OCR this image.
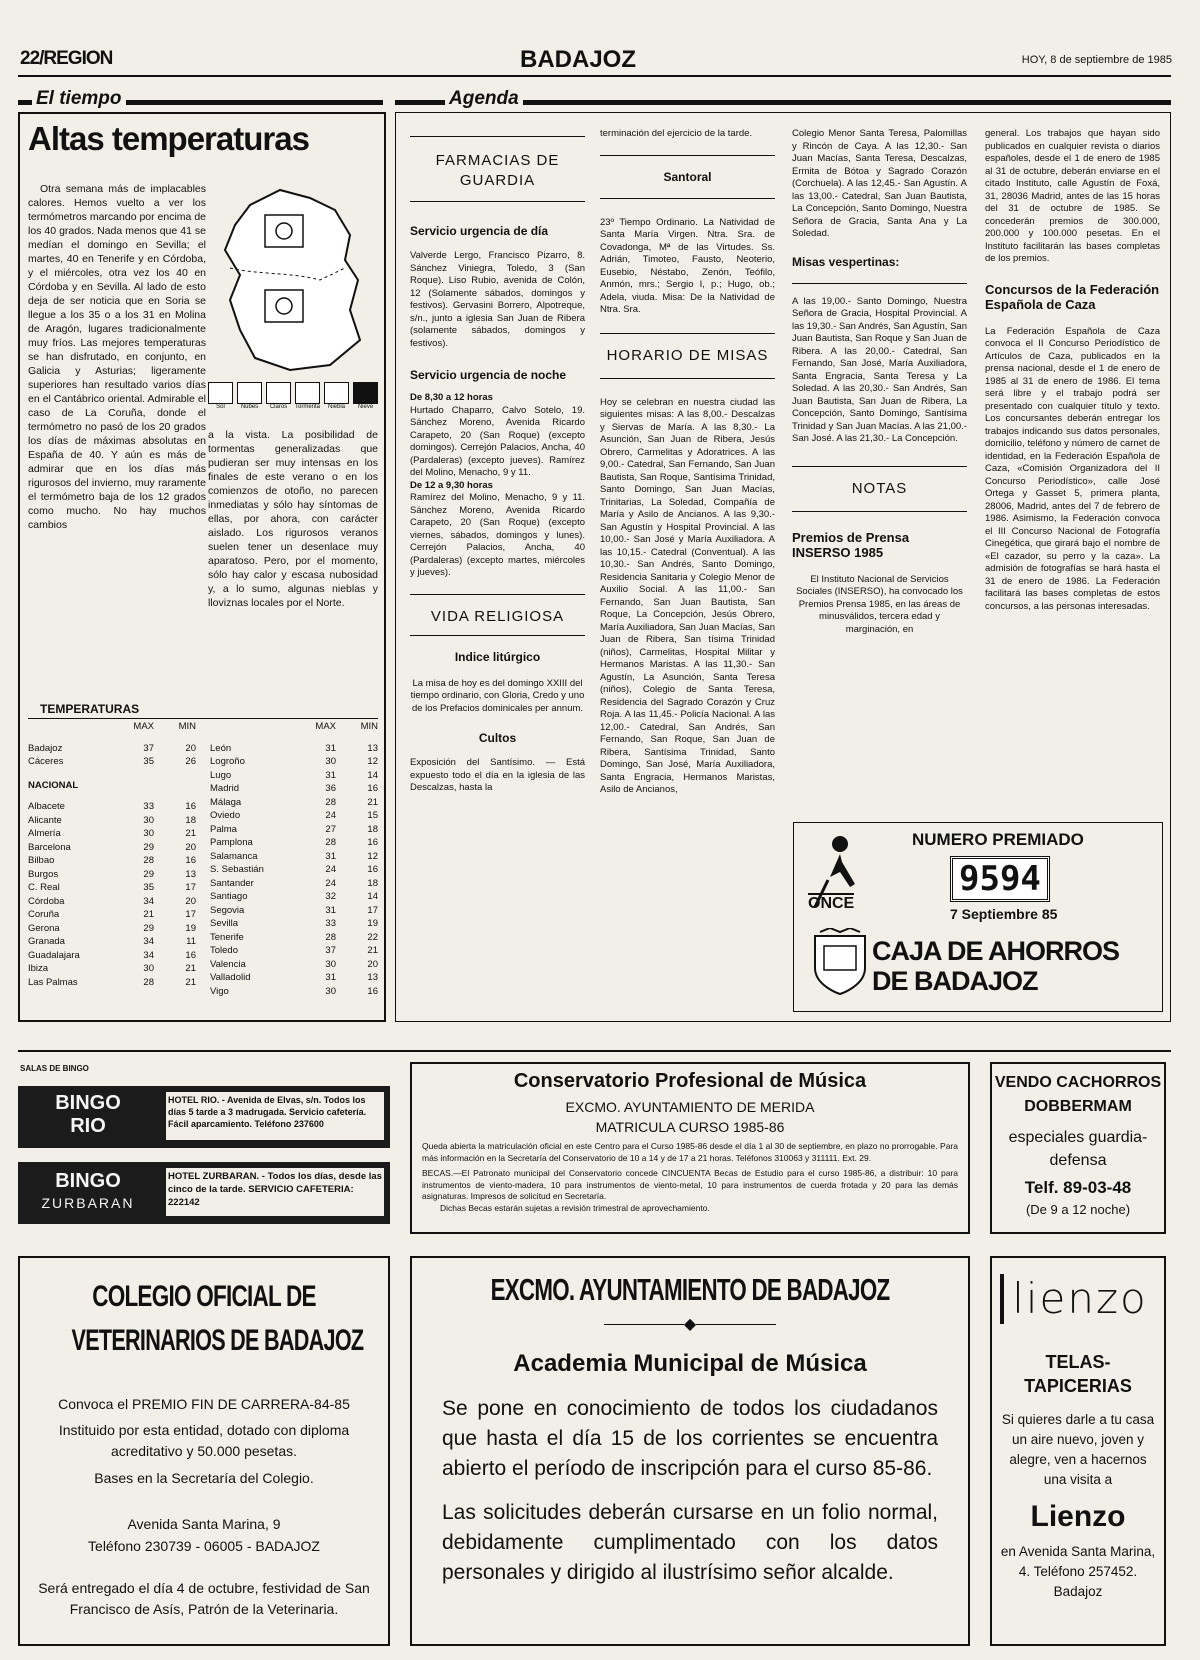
22/REGION	BADAJOZ	HOY, 8 de septiembre de 1985
El tiempo
Altas temperaturas

Otra semana más de implacables calores. Hemos vuelto a ver los termómetros marcando por encima de los 40 grados. Nada menos que 41 se medían el domingo en Sevilla; el martes, 40 en Tenerife y en Córdoba, y el miércoles, otra vez los 40 en Córdoba y en Sevilla. Al lado de esto deja de ser noticia que en Soria se llegue a los 35 o a los 31 en Molina de Aragón, lugares tradicionalmente muy fríos. Las mejores temperaturas se han disfrutado, en conjunto, en Galicia y Asturias; ligeramente superiores han resultado varios días en el Cantábrico oriental. Admirable el caso de La Coruña, donde el termómetro no pasó de los 20 grados los días de máximas absolutas en España de 40. Y aún es más de admirar que en los días más rigurosos del invierno, muy raramente el termómetro baja de los 12 grados como mucho. No hay muchos cambios

Sol	Nubes	Claros	Tormenta	Niebla	Nieve
a la vista. La posibilidad de tormentas generalizadas que pudieran ser muy intensas en los finales de este verano o en los comienzos de otoño, no parecen inmediatas y sólo hay síntomas de ellas, por ahora, con carácter aislado. Los rigurosos veranos suelen tener un desenlace muy aparatoso. Pero, por el momento, sólo hay calor y escasa nubosidad y, a lo sumo, algunas nieblas y lloviznas locales por el Norte.
TEMPERATURAS
	MAX	MIN

Badajoz	37	20
Cáceres	35	26

NACIONAL		

Albacete	33	16
Alicante	30	18
Almería	30	21
Barcelona	29	20
Bilbao	28	16
Burgos	29	13
C. Real	35	17
Córdoba	34	20
Coruña	21	17
Gerona	29	19
Granada	34	11
Guadalajara	34	16
Ibiza	30	21
Las Palmas	28	21
	MAX	MIN

León	31	13
Logroño	30	12
Lugo	31	14
Madrid	36	16
Málaga	28	21
Oviedo	24	15
Palma	27	18
Pamplona	28	16
Salamanca	31	12
S. Sebastián	24	16
Santander	24	18
Santiago	32	14
Segovia	31	17
Sevilla	33	19
Tenerife	28	22
Toledo	37	21
Valencia	30	20
Valladolid	31	13
Vigo	30	16
Agenda
FARMACIAS DE GUARDIA
Servicio urgencia de día
Valverde Lergo, Francisco Pizarro, 8. Sánchez Viniegra, Toledo, 3 (San Roque). Liso Rubio, avenida de Colón, 12 (Solamente sábados, domingos y festivos). Gervasini Borrero, Alpotreque, s/n., junto a iglesia San Juan de Ribera (solamente sábados, domingos y festivos).
Servicio urgencia de noche
De 8,30 a 12 horas
Hurtado Chaparro, Calvo Sotelo, 19. Sánchez Moreno, Avenida Ricardo Carapeto, 20 (San Roque) (excepto domingos). Cerrejón Palacios, Ancha, 40 (Pardaleras) (excepto jueves). Ramírez del Molino, Menacho, 9 y 11.
De 12 a 9,30 horas
Ramírez del Molino, Menacho, 9 y 11. Sánchez Moreno, Avenida Ricardo Carapeto, 20 (San Roque) (excepto viernes, sábados, domingos y lunes). Cerrejón Palacios, Ancha, 40 (Pardaleras) (excepto martes, miércoles y jueves).
VIDA RELIGIOSA
Indice litúrgico
La misa de hoy es del domingo XXIII del tiempo ordinario, con Gloria, Credo y uno de los Prefacios dominicales per annum.
Cultos
Exposición del Santísimo. — Está expuesto todo el día en la iglesia de las Descalzas, hasta la
terminación del ejercicio de la tarde.
Santoral
23º Tiempo Ordinario. La Natividad de Santa María Virgen. Ntra. Sra. de Covadonga, Mª de las Virtudes. Ss. Adrián, Timoteo, Fausto, Neoterio, Eusebio, Néstabo, Zenón, Teófilo, Anmón, mrs.; Sergio I, p.; Hugo, ob.; Adela, viuda. Misa: De la Natividad de Ntra. Sra.
HORARIO DE MISAS
Hoy se celebran en nuestra ciudad las siguientes misas: A las 8,00.- Descalzas y Siervas de María. A las 8,30.- La Asunción, San Juan de Ribera, Jesús Obrero, Carmelitas y Adoratrices. A las 9,00.- Catedral, San Fernando, San Juan Bautista, San Roque, Santísima Trinidad, Santo Domingo, San Juan Macías, Trinitarias, La Soledad, Compañía de María y Asilo de Ancianos. A las 9,30.- San Agustín y Hospital Provincial. A las 10,00.- San José y María Auxiliadora. A las 10,15.- Catedral (Conventual). A las 10,30.- San Andrés, Santo Domingo, Residencia Sanitaria y Colegio Menor de Auxilio Social. A las 11,00.- San Fernando, San Juan Bautista, San Roque, La Concepción, Jesús Obrero, María Auxiliadora, San Juan Macías, San Juan de Ribera, San tísima Trinidad (niños), Carmelitas, Hospital Militar y Hermanos Maristas. A las 11,30.- San Agustín, La Asunción, Santa Teresa (niños), Colegio de Santa Teresa, Residencia del Sagrado Corazón y Cruz Roja. A las 11,45.- Policía Nacional. A las 12,00.- Catedral, San Andrés, San Fernando, San Roque, San Juan de Ribera, Santísima Trinidad, Santo Domingo, San José, María Auxiliadora, Santa Engracia, Hermanos Maristas, Asilo de Ancianos,
Colegio Menor Santa Teresa, Palomillas y Rincón de Caya. A las 12,30.- San Juan Macías, Santa Teresa, Descalzas, Ermita de Bótoa y Sagrado Corazón (Corchuela). A las 12,45.- San Agustín. A las 13,00.- Catedral, San Juan Bautista, La Concepción, Santo Domingo, Nuestra Señora de Gracia, Santa Ana y La Soledad.
Misas vespertinas:
A las 19,00.- Santo Domingo, Nuestra Señora de Gracia, Hospital Provincial. A las 19,30.- San Andrés, San Agustín, San Juan Bautista, San Roque y San Juan de Ribera. A las 20,00.- Catedral, San Fernando, San José, María Auxiliadora, Santa Engracia, Santa Teresa y La Soledad. A las 20,30.- San Andrés, San Juan Bautista, San Juan de Ribera, La Concepción, Santo Domingo, Santísima Trinidad y San Juan Macías. A las 21,00.- San José. A las 21,30.- La Concepción.
NOTAS
Premios de Prensa INSERSO 1985
El Instituto Nacional de Servicios Sociales (INSERSO), ha convocado los Premios Prensa 1985, en las áreas de minusválidos, tercera edad y marginación, en
general. Los trabajos que hayan sido publicados en cualquier revista o diarios españoles, desde el 1 de enero de 1985 al 31 de octubre, deberán enviarse en el citado Instituto, calle Agustín de Foxá, 31, 28036 Madrid, antes de las 15 horas del 31 de octubre de 1985. Se concederán premios de 300.000, 200.000 y 100.000 pesetas. En el Instituto facilitarán las bases completas de los premios.
Concursos de la Federación Española de Caza
La Federación Española de Caza convoca el II Concurso Periodístico de Artículos de Caza, publicados en la prensa nacional, desde el 1 de enero de 1985 al 31 de enero de 1986. El tema será libre y el trabajo podrá ser presentado con cualquier título y texto. Los concursantes deberán entregar los trabajos indicando sus datos personales, domicilio, teléfono y número de carnet de identidad, en la Federación Española de Caza, «Comisión Organizadora del II Concurso Periodístico», calle José Ortega y Gasset 5, primera planta, 28006, Madrid, antes del 7 de febrero de 1986. Asimismo, la Federación convoca el III Concurso Nacional de Fotografía Cinegética, que girará bajo el nombre de «El cazador, su perro y la caza». La admisión de fotografías se hará hasta el 31 de enero de 1986. La Federación facilitará las bases completas de estos concursos, a las personas interesadas.
ONCE
NUMERO PREMIADO
9594
7 Septiembre 85
CAJA DE AHORROS
DE BADAJOZ
SALAS DE BINGO
BINGO
RIO
HOTEL RIO. - Avenida de Elvas, s/n. Todos los días 5 tarde a 3 madrugada. Servicio cafetería. Fácil aparcamiento. Teléfono 237600
BINGO
ZURBARAN
HOTEL ZURBARAN. - Todos los días, desde las cinco de la tarde. SERVICIO CAFETERIA: 222142
Conservatorio Profesional de Música
EXCMO. AYUNTAMIENTO DE MERIDA
MATRICULA CURSO 1985-86
Queda abierta la matriculación oficial en este Centro para el Curso 1985-86 desde el día 1 al 30 de septiembre, en plazo no prorrogable. Para más información en la Secretaría del Conservatorio de 10 a 14 y de 17 a 21 horas. Teléfonos 310063 y 311111. Ext. 29.
BECAS.—El Patronato municipal del Conservatorio concede CINCUENTA Becas de Estudio para el curso 1985-86, a distribuir: 10 para instrumentos de viento-madera, 10 para instrumentos de viento-metal, 10 para instrumentos de cuerda frotada y 20 para las demás asignaturas. Impresos de solicitud en Secretaría.
Dichas Becas estarán sujetas a revisión trimestral de aprovechamiento.
VENDO CACHORROS
DOBBERMAM
especiales guardia-defensa
Telf. 89-03-48
(De 9 a 12 noche)
COLEGIO OFICIAL DE
VETERINARIOS DE BADAJOZ
Convoca el PREMIO FIN DE CARRERA-84-85
Instituido por esta entidad, dotado con diploma acreditativo y 50.000 pesetas.
Bases en la Secretaría del Colegio.
Avenida Santa Marina, 9
Teléfono 230739 - 06005 - BADAJOZ
Será entregado el día 4 de octubre, festividad de San Francisco de Asís, Patrón de la Veterinaria.
EXCMO. AYUNTAMIENTO DE BADAJOZ
◆
Academia Municipal de Música
Se pone en conocimiento de todos los ciudadanos que hasta el día 15 de los corrientes se encuentra abierto el período de inscripción para el curso 85-86.
Las solicitudes deberán cursarse en un folio normal, debidamente cumplimentado con los datos personales y dirigido al ilustrísimo señor alcalde.
lienzo
TELAS-TAPICERIAS
Si quieres darle a tu casa un aire nuevo, joven y alegre, ven a hacernos una visita a
Lienzo
en Avenida Santa Marina, 4. Teléfono 257452. Badajoz
